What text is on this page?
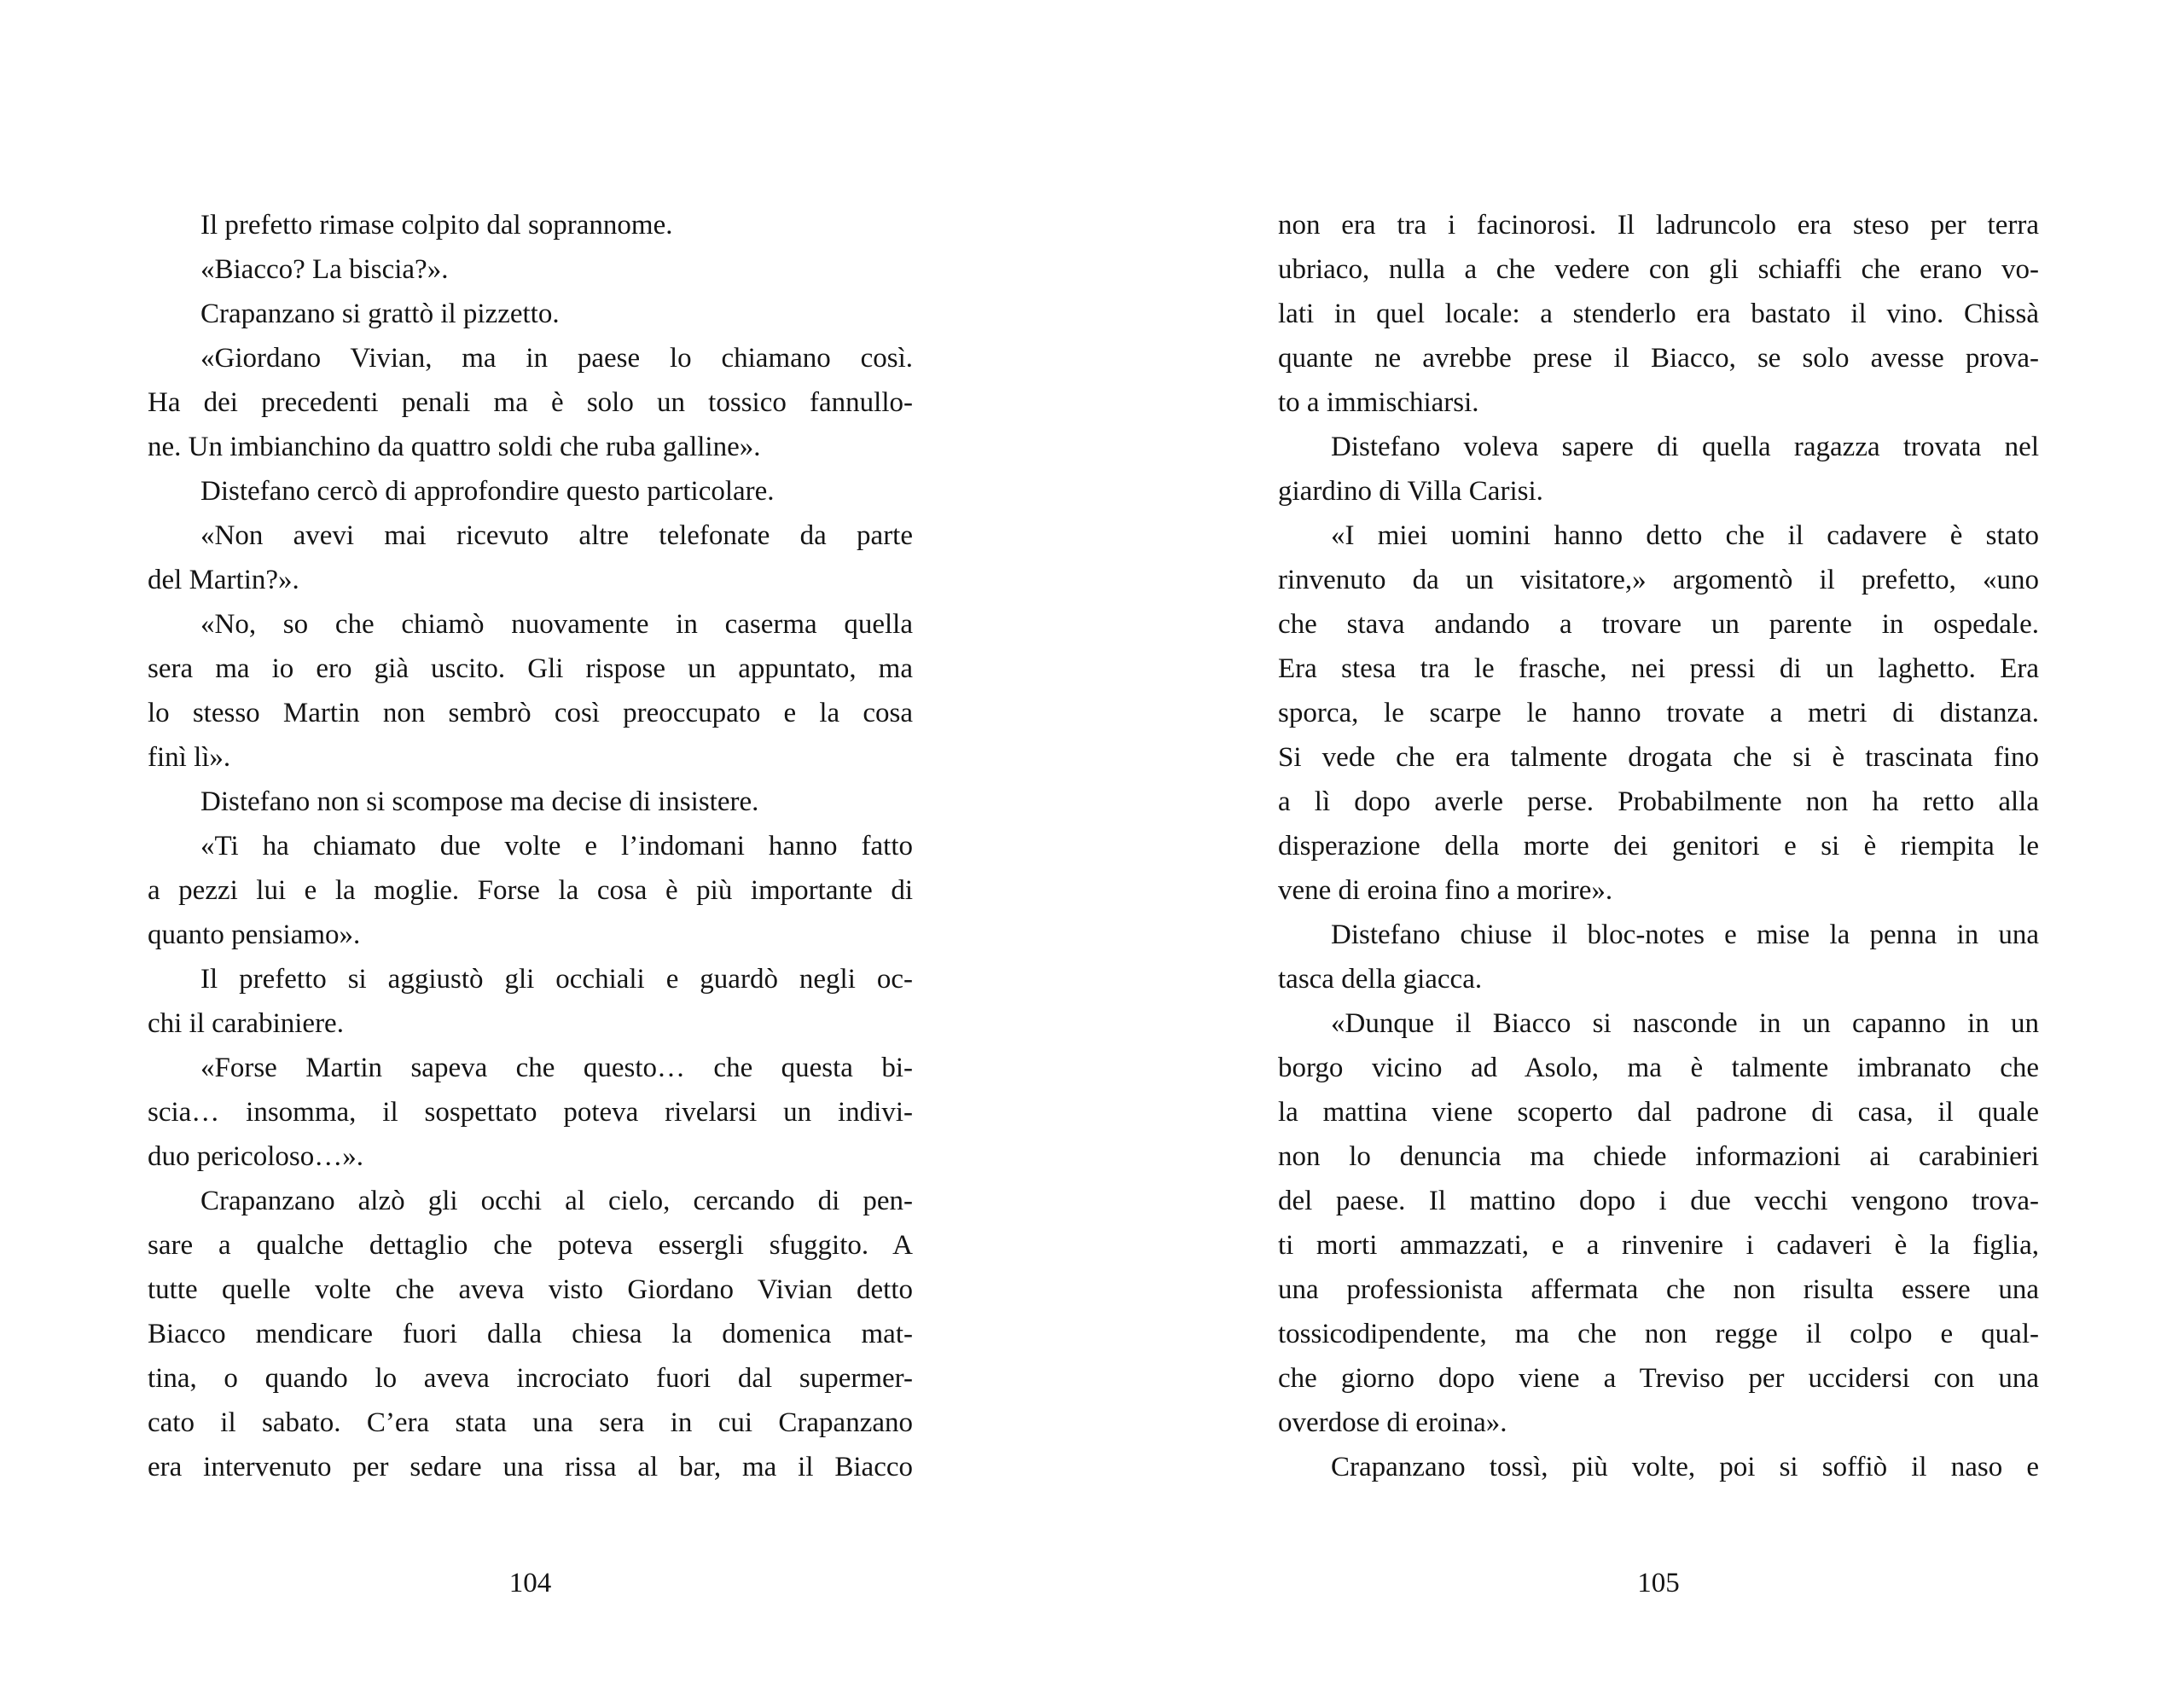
Il prefetto rimase colpito dal soprannome.
«Biacco? La biscia?».
Crapanzano si grattò il pizzetto.
«Giordano Vivian, ma in paese lo chiamano così.
Ha dei precedenti penali ma è solo un tossico fannullo-
ne. Un imbianchino da quattro soldi che ruba galline».
Distefano cercò di approfondire questo particolare.
«Non avevi mai ricevuto altre telefonate da parte
del Martin?».
«No, so che chiamò nuovamente in caserma quella
sera ma io ero già uscito. Gli rispose un appuntato, ma
lo stesso Martin non sembrò così preoccupato e la cosa
finì lì».
Distefano non si scompose ma decise di insistere.
«Ti ha chiamato due volte e l’indomani hanno fatto
a pezzi lui e la moglie. Forse la cosa è più importante di
quanto pensiamo».
Il prefetto si aggiustò gli occhiali e guardò negli oc-
chi il carabiniere.
«Forse Martin sapeva che questo… che questa bi-
scia… insomma, il sospettato poteva rivelarsi un indivi-
duo pericoloso…».
Crapanzano alzò gli occhi al cielo, cercando di pen-
sare a qualche dettaglio che poteva essergli sfuggito. A
tutte quelle volte che aveva visto Giordano Vivian detto
Biacco mendicare fuori dalla chiesa la domenica mat-
tina, o quando lo aveva incrociato fuori dal supermer-
cato il sabato. C’era stata una sera in cui Crapanzano
era intervenuto per sedare una rissa al bar, ma il Biacco
non era tra i facinorosi. Il ladruncolo era steso per terra
ubriaco, nulla a che vedere con gli schiaffi che erano vo-
lati in quel locale: a stenderlo era bastato il vino. Chissà
quante ne avrebbe prese il Biacco, se solo avesse prova-
to a immischiarsi.
Distefano voleva sapere di quella ragazza trovata nel
giardino di Villa Carisi.
«I miei uomini hanno detto che il cadavere è stato
rinvenuto da un visitatore,» argomentò il prefetto, «uno
che stava andando a trovare un parente in ospedale.
Era stesa tra le frasche, nei pressi di un laghetto. Era
sporca, le scarpe le hanno trovate a metri di distanza.
Si vede che era talmente drogata che si è trascinata fino
a lì dopo averle perse. Probabilmente non ha retto alla
disperazione della morte dei genitori e si è riempita le
vene di eroina fino a morire».
Distefano chiuse il bloc-notes e mise la penna in una
tasca della giacca.
«Dunque il Biacco si nasconde in un capanno in un
borgo vicino ad Asolo, ma è talmente imbranato che
la mattina viene scoperto dal padrone di casa, il quale
non lo denuncia ma chiede informazioni ai carabinieri
del paese. Il mattino dopo i due vecchi vengono trova-
ti morti ammazzati, e a rinvenire i cadaveri è la figlia,
una professionista affermata che non risulta essere una
tossicodipendente, ma che non regge il colpo e qual-
che giorno dopo viene a Treviso per uccidersi con una
overdose di eroina».
Crapanzano tossì, più volte, poi si soffiò il naso e
104	105
